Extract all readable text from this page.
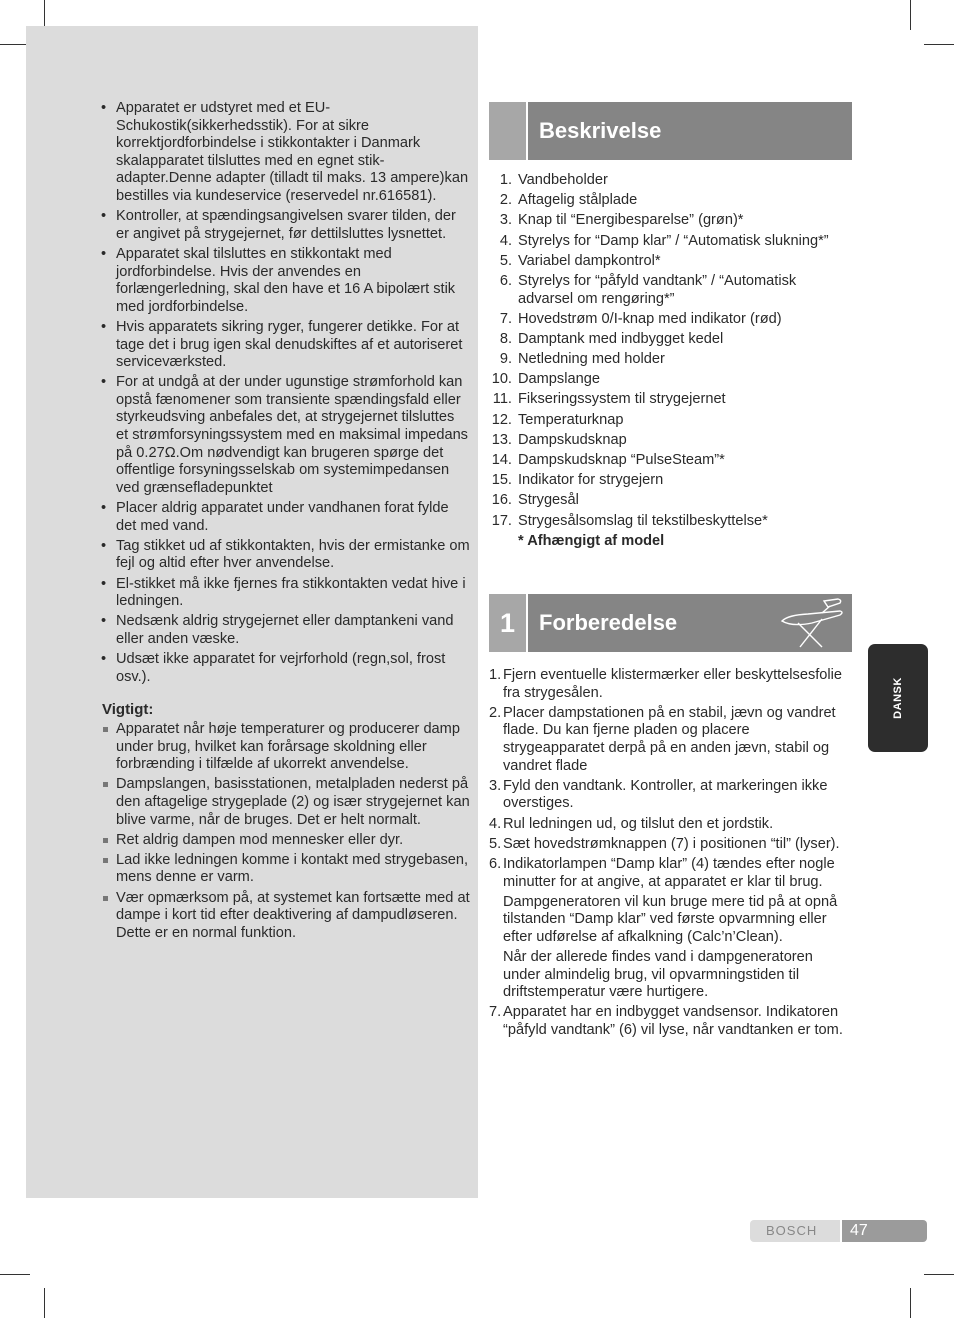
• Apparatet er udstyret med et EU-Schukostik(sikkerhedsstik). For at sikre korrektjordforbindelse i stikkontakter i Danmark skalapparatet tilsluttes med en egnet stik-adapter.Denne adapter (tilladt til maks. 13 ampere)kan bestilles via kundeservice (reservedel nr.616581).
• Kontroller, at spændingsangivelsen svarer tilden, der er angivet på strygejernet, før dettilsluttes lysnettet.
• Apparatet skal tilsluttes en stikkontakt med jordforbindelse. Hvis der anvendes en forlængerledning, skal den have et 16 A bipolært stik med jordforbindelse.
• Hvis apparatets sikring ryger, fungerer detikke. For at tage det i brug igen skal denudskiftes af et autoriseret serviceværksted.
• For at undgå at der under ugunstige strømforhold kan opstå fænomener som transiente spændingsfald eller styrkeudsving anbefales det, at strygejernet tilsluttes et strømforsyningssystem med en maksimal impedans på 0.27Ω.Om nødvendigt kan brugeren spørge det offentlige forsyningsselskab om systemimpedansen ved grænsefladepunktet
• Placer aldrig apparatet under vandhanen forat fylde det med vand.
• Tag stikket ud af stikkontakten, hvis der ermistanke om fejl og altid efter hver anvendelse.
• El-stikket må ikke fjernes fra stikkontakten vedat hive i ledningen.
• Nedsænk aldrig strygejernet eller damptankeni vand eller anden væske.
• Udsæt ikke apparatet for vejrforhold (regn,sol, frost osv.).
Vigtigt:
Apparatet når høje temperaturer og producerer damp under brug, hvilket kan forårsage skoldning eller forbrænding i tilfælde af ukorrekt anvendelse.
Dampslangen, basisstationen, metalpladen nederst på den aftagelige strygeplade (2) og især strygejernet kan blive varme, når de bruges. Det er helt normalt.
Ret aldrig dampen mod mennesker eller dyr.
Lad ikke ledningen komme i kontakt med strygebasen, mens denne er varm.
Vær opmærksom på, at systemet kan fortsætte med at dampe i kort tid efter deaktivering af dampudløseren. Dette er en normal funktion.
Beskrivelse
1. Vandbeholder
2. Aftagelig stålplade
3. Knap til “Energibesparelse” (grøn)*
4. Styrelys for “Damp klar” / “Automatisk slukning*”
5. Variabel dampkontrol*
6. Styrelys for “påfyld vandtank” / “Automatisk advarsel om rengøring*”
7. Hovedstrøm 0/I-knap med indikator (rød)
8. Damptank med indbygget kedel
9. Netledning med holder
10. Dampslange
11. Fikseringssystem til strygejernet
12. Temperaturknap
13. Dampskudsknap
14. Dampskudsknap “PulseSteam”*
15. Indikator for strygejern
16. Strygesål
17. Strygesålsomslag til tekstilbeskyttelse*
* Afhængigt af model
1	Forberedelse
1. Fjern eventuelle klistermærker eller beskyttelsesfolie fra strygesålen.
2. Placer dampstationen på en stabil, jævn og vandret flade. Du kan fjerne pladen og placere strygeapparatet derpå på en anden jævn, stabil og vandret flade
3. Fyld den vandtank. Kontroller, at markeringen ikke overstiges.
4. Rul ledningen ud, og tilslut den et jordstik.
5. Sæt hovedstrømknappen (7) i positionen “til” (lyser).
6. Indikatorlampen “Damp klar” (4) tændes efter nogle minutter for at angive, at apparatet er klar til brug.

Dampgeneratoren vil kun bruge mere tid på at opnå tilstanden “Damp klar” ved første opvarmning eller efter udførelse af afkalkning (Calc’n’Clean).

Når der allerede findes vand i dampgeneratoren under almindelig brug, vil opvarmningstiden til driftstemperatur være hurtigere.

7. Apparatet har en indbygget vandsensor. Indikatoren “påfyld vandtank” (6) vil lyse, når vandtanken er tom.
DANSK
BOSCH	47
